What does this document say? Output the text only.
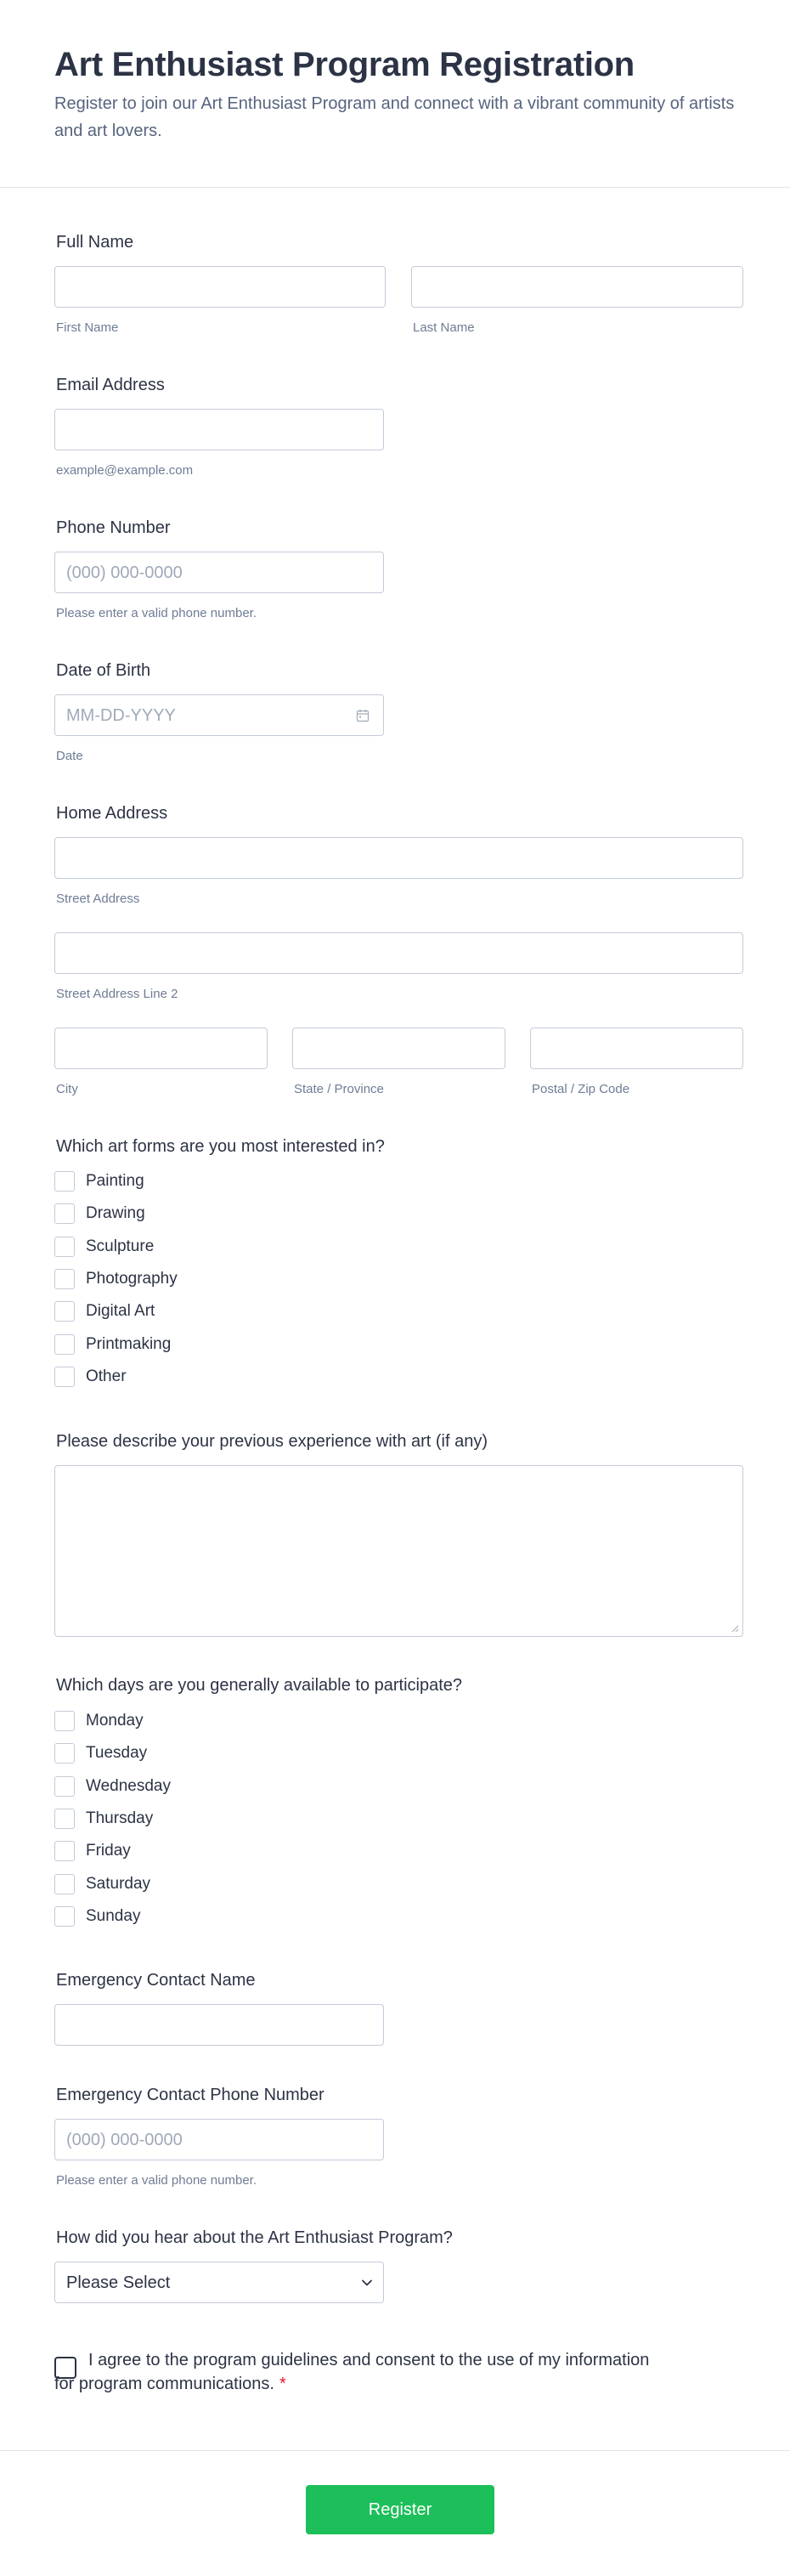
Art Enthusiast Program Registration
Register to join our Art Enthusiast Program and connect with a vibrant community of artists and art lovers.
Full Name
First Name	Last Name
Email Address
example@example.com
Phone Number
(000) 000-0000
Please enter a valid phone number.
Date of Birth
MM-DD-YYYY
Date
Home Address
Street Address
Street Address Line 2
City	State / Province	Postal / Zip Code
Which art forms are you most interested in?
Painting
Drawing
Sculpture
Photography
Digital Art
Printmaking
Other
Please describe your previous experience with art (if any)
Which days are you generally available to participate?
Monday
Tuesday
Wednesday
Thursday
Friday
Saturday
Sunday
Emergency Contact Name
Emergency Contact Phone Number
(000) 000-0000
Please enter a valid phone number.
How did you hear about the Art Enthusiast Program?
Please Select
I agree to the program guidelines and consent to the use of my information for program communications. *
Register
